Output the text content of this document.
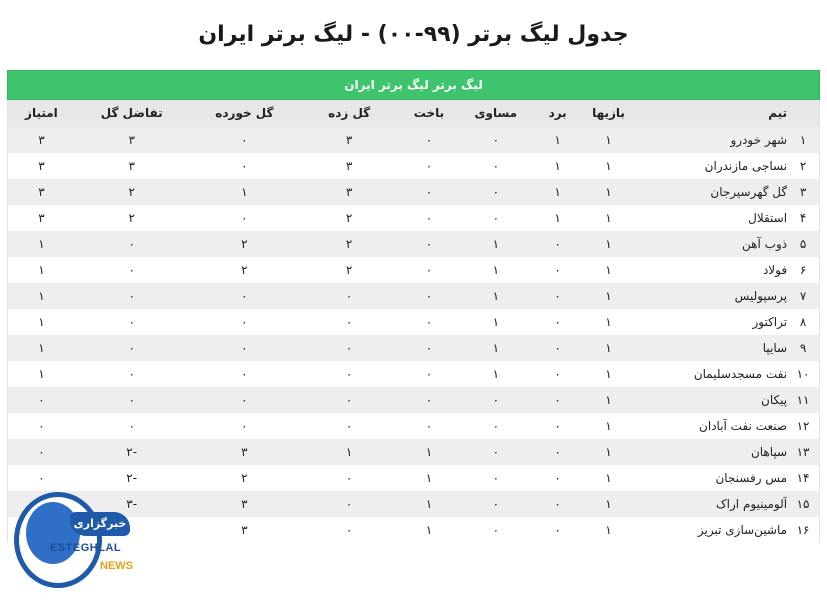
جدول لیگ برتر (۹۹-۰۰) - لیگ برتر ایران
لیگ برتر لیگ برتر ایران
تیم
بازیها
برد
مساوی
باخت
گل زده
گل خورده
تفاضل گل
امتیاز
۱
شهر خودرو
۱
۱
۰
۰
۳
۰
۳
۳
۲
نساجی مازندران
۱
۱
۰
۰
۳
۰
۳
۳
۳
گل گهرسیرجان
۱
۱
۰
۰
۳
۱
۲
۳
۴
استقلال
۱
۱
۰
۰
۲
۰
۲
۳
۵
ذوب آهن
۱
۰
۱
۰
۲
۲
۰
۱
۶
فولاد
۱
۰
۱
۰
۲
۲
۰
۱
۷
پرسپولیس
۱
۰
۱
۰
۰
۰
۰
۱
۸
تراکتور
۱
۰
۱
۰
۰
۰
۰
۱
۹
سایپا
۱
۰
۱
۰
۰
۰
۰
۱
۱۰
نفت مسجدسلیمان
۱
۰
۱
۰
۰
۰
۰
۱
۱۱
پیکان
۱
۰
۰
۰
۰
۰
۰
۰
۱۲
صنعت نفت آبادان
۱
۰
۰
۰
۰
۰
۰
۰
۱۳
سپاهان
۱
۰
۰
۱
۱
۳
-۲
۰
۱۴
مس رفسنجان
۱
۰
۰
۱
۰
۲
-۲
۰
۱۵
آلومینیوم اراک
۱
۰
۰
۱
۰
۳
-۳
۱۶
ماشین‌سازی تبریز
۱
۰
۰
۱
۰
۳
خبرگزاری
ESTEGHLAL
NEWS
